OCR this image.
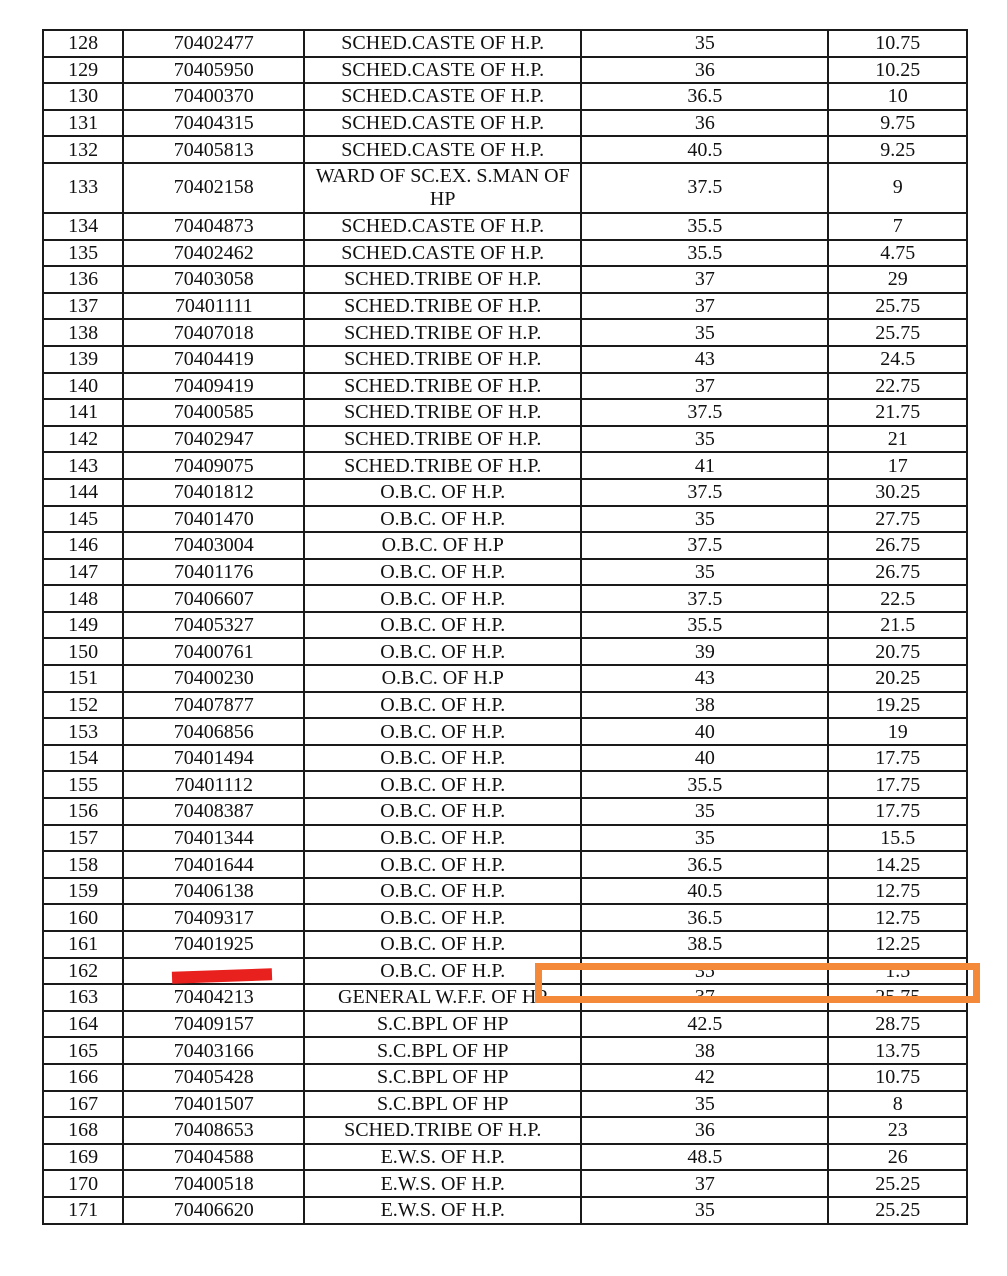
128	70402477	SCHED.CASTE OF H.P.	35	10.75
129	70405950	SCHED.CASTE OF H.P.	36	10.25
130	70400370	SCHED.CASTE OF H.P.	36.5	10
131	70404315	SCHED.CASTE OF H.P.	36	9.75
132	70405813	SCHED.CASTE OF H.P.	40.5	9.25
133	70402158	WARD OF SC.EX. S.MAN OF HP	37.5	9
134	70404873	SCHED.CASTE OF H.P.	35.5	7
135	70402462	SCHED.CASTE OF H.P.	35.5	4.75
136	70403058	SCHED.TRIBE OF H.P.	37	29
137	70401111	SCHED.TRIBE OF H.P.	37	25.75
138	70407018	SCHED.TRIBE OF H.P.	35	25.75
139	70404419	SCHED.TRIBE OF H.P.	43	24.5
140	70409419	SCHED.TRIBE OF H.P.	37	22.75
141	70400585	SCHED.TRIBE OF H.P.	37.5	21.75
142	70402947	SCHED.TRIBE OF H.P.	35	21
143	70409075	SCHED.TRIBE OF H.P.	41	17
144	70401812	O.B.C. OF H.P.	37.5	30.25
145	70401470	O.B.C. OF H.P.	35	27.75
146	70403004	O.B.C. OF H.P	37.5	26.75
147	70401176	O.B.C. OF H.P.	35	26.75
148	70406607	O.B.C. OF H.P.	37.5	22.5
149	70405327	O.B.C. OF H.P.	35.5	21.5
150	70400761	O.B.C. OF H.P.	39	20.75
151	70400230	O.B.C. OF H.P	43	20.25
152	70407877	O.B.C. OF H.P.	38	19.25
153	70406856	O.B.C. OF H.P.	40	19
154	70401494	O.B.C. OF H.P.	40	17.75
155	70401112	O.B.C. OF H.P.	35.5	17.75
156	70408387	O.B.C. OF H.P.	35	17.75
157	70401344	O.B.C. OF H.P.	35	15.5
158	70401644	O.B.C. OF H.P.	36.5	14.25
159	70406138	O.B.C. OF H.P.	40.5	12.75
160	70409317	O.B.C. OF H.P.	36.5	12.75
161	70401925	O.B.C. OF H.P.	38.5	12.25
162		O.B.C. OF H.P.	35	1.5
163	70404213	GENERAL W.F.F. OF HP	37	25.75
164	70409157	S.C.BPL OF HP	42.5	28.75
165	70403166	S.C.BPL OF HP	38	13.75
166	70405428	S.C.BPL OF HP	42	10.75
167	70401507	S.C.BPL OF HP	35	8
168	70408653	SCHED.TRIBE OF H.P.	36	23
169	70404588	E.W.S. OF H.P.	48.5	26
170	70400518	E.W.S. OF H.P.	37	25.25
171	70406620	E.W.S. OF H.P.	35	25.25
